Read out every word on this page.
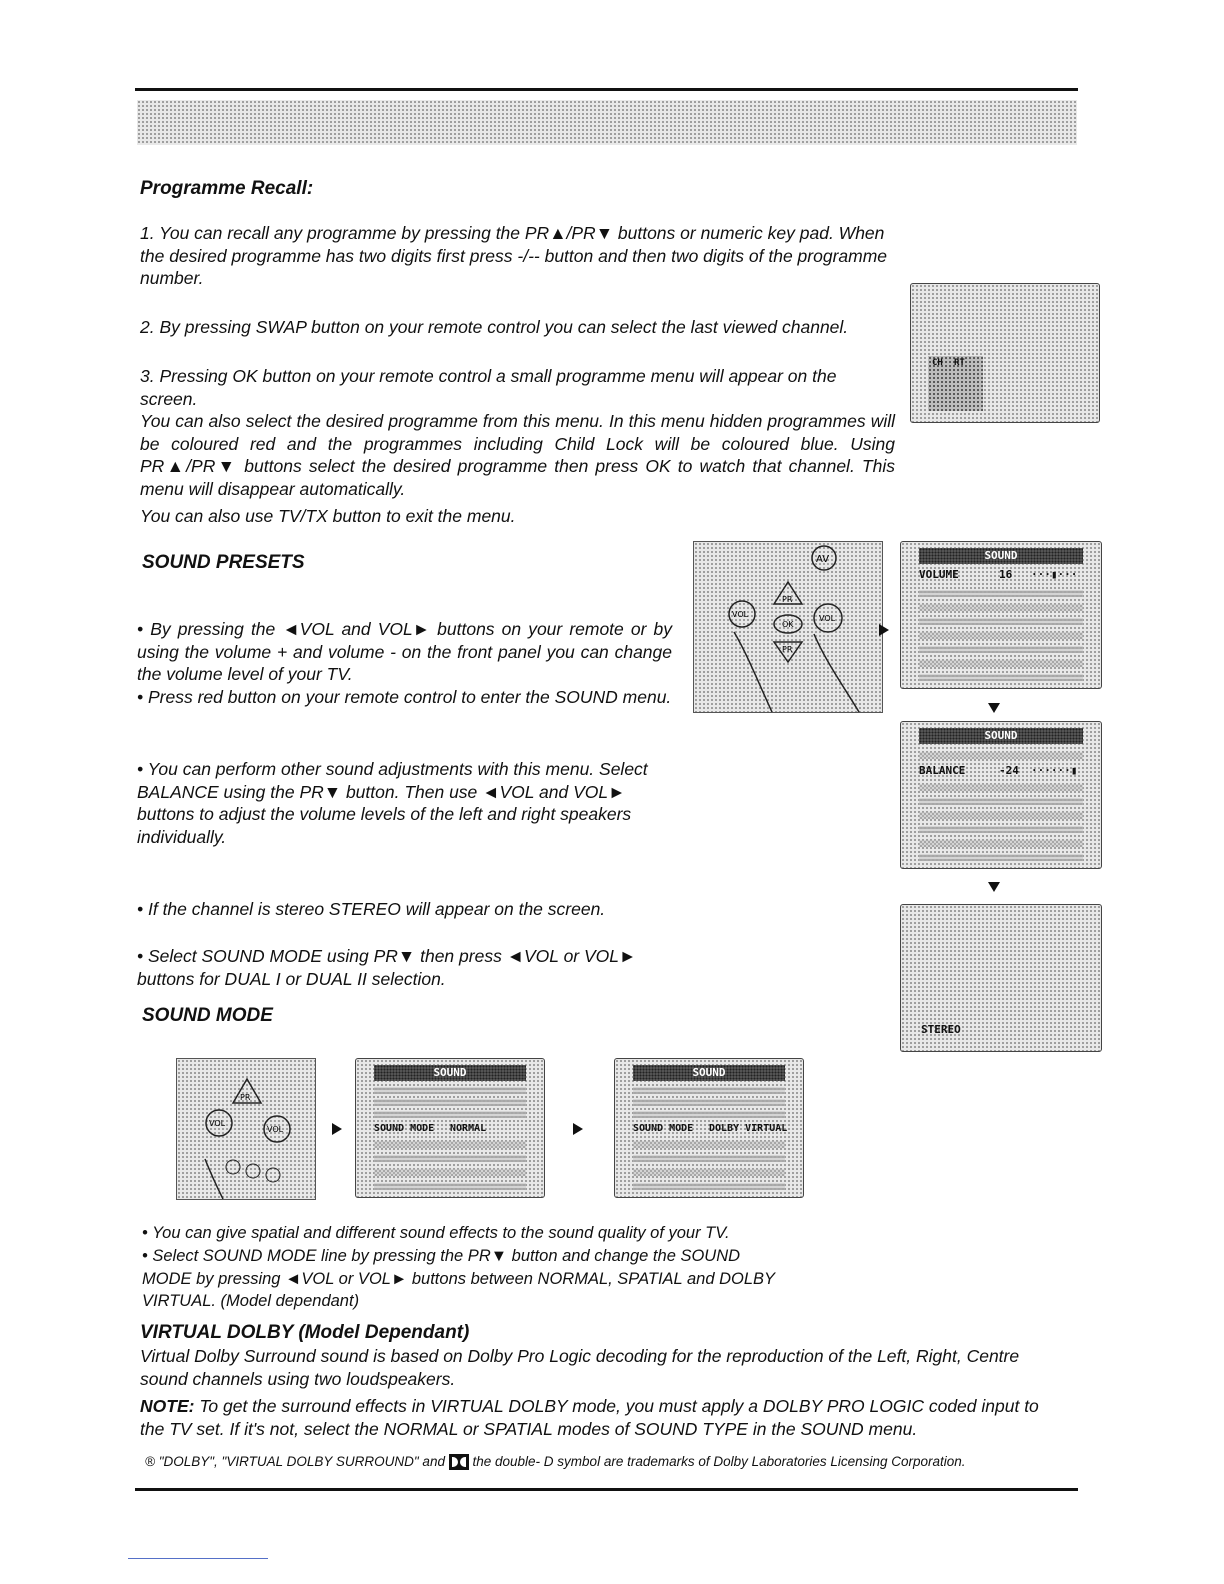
Programme Recall:

1. You can recall any programme by pressing the PR▲/PR▼ buttons or numeric key pad. When the desired programme has two digits first press -/-- button and then two digits of the programme number.

2. By pressing SWAP button on your remote control you can select the last viewed channel.

3. Pressing OK button on your remote control a small programme menu will appear on the screen.

You can also select the desired programme from this menu. In this menu hidden programmes will be coloured red and the programmes including Child Lock will be coloured blue. Using PR▲/PR▼ buttons select the desired programme then press OK to watch that channel. This menu will disappear automatically.

You can also use TV/TX button to exit the menu.

CH RT
SOUND PRESETS

• By pressing the ◄VOL and VOL► buttons on your remote or by using the volume + and volume - on the front panel you can change the volume level of your TV.

• Press red button on your remote control to enter the SOUND menu.

• You can perform other sound adjustments with this menu. Select BALANCE using the PR▼ button. Then use ◄VOL and VOL► buttons to adjust the volume levels of the left and right speakers individually.

• If the channel is stereo STEREO will appear on the screen.

• Select SOUND MODE using PR▼ then press ◄VOL or VOL► buttons for DUAL I or DUAL II selection.

AV
PR
VOL
OK
VOL
PR
SOUND
VOLUME	16 ···▮···
SOUND
BALANCE	-24 ······▮
STEREO
SOUND MODE
PR
VOL
VOL
SOUND
SOUND MODE NORMAL
SOUND
SOUND MODE DOLBY VIRTUAL

• You can give spatial and different sound effects to the sound quality of your TV.

• Select SOUND MODE line by pressing the PR▼ button and change the SOUND MODE by pressing ◄VOL or VOL► buttons between NORMAL, SPATIAL and DOLBY VIRTUAL. (Model dependant)

VIRTUAL DOLBY (Model Dependant)

Virtual Dolby Surround sound is based on Dolby Pro Logic decoding for the reproduction of the Left, Right, Centre sound channels using two loudspeakers.

NOTE: To get the surround effects in VIRTUAL DOLBY mode, you must apply a DOLBY PRO LOGIC coded input to the TV set. If it's not, select the NORMAL or SPATIAL modes of SOUND TYPE in the SOUND menu.

® "DOLBY", "VIRTUAL DOLBY SURROUND" and the double- D symbol are trademarks of Dolby Laboratories Licensing Corporation.
